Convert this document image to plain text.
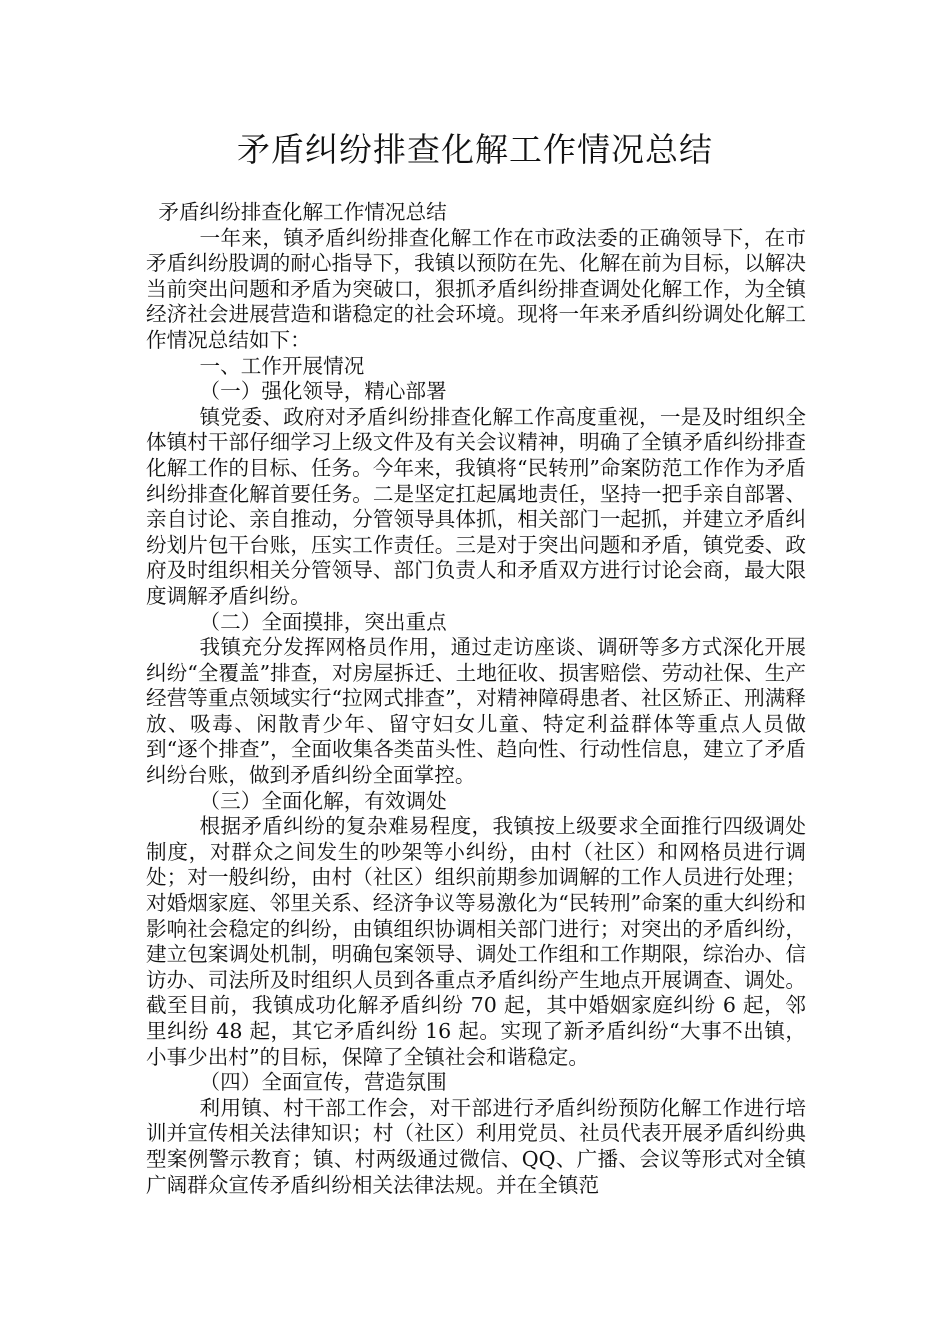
矛盾纠纷排查化解工作情况总结

矛盾纠纷排查化解工作情况总结

一年来，镇矛盾纠纷排查化解工作在市政法委的正确领导下，在市矛盾纠纷股调的耐心指导下，我镇以预防在先、化解在前为目标，以解决当前突出问题和矛盾为突破口，狠抓矛盾纠纷排查调处化解工作，为全镇经济社会进展营造和谐稳定的社会环境。现将一年来矛盾纠纷调处化解工作情况总结如下：

一、工作开展情况

（一）强化领导，精心部署

镇党委、政府对矛盾纠纷排查化解工作高度重视，一是及时组织全体镇村干部仔细学习上级文件及有关会议精神，明确了全镇矛盾纠纷排查化解工作的目标、任务。今年来，我镇将“民转刑”命案防范工作作为矛盾纠纷排查化解首要任务。二是坚定扛起属地责任，坚持一把手亲自部署、亲自讨论、亲自推动，分管领导具体抓，相关部门一起抓，并建立矛盾纠纷划片包干台账，压实工作责任。三是对于突出问题和矛盾，镇党委、政府及时组织相关分管领导、部门负责人和矛盾双方进行讨论会商，最大限度调解矛盾纠纷。

（二）全面摸排，突出重点

我镇充分发挥网格员作用，通过走访座谈、调研等多方式深化开展纠纷“全覆盖”排查，对房屋拆迁、土地征收、损害赔偿、劳动社保、生产经营等重点领域实行“拉网式排查”，对精神障碍患者、社区矫正、刑满释放、吸毒、闲散青少年、留守妇女儿童、特定利益群体等重点人员做到“逐个排查”，全面收集各类苗头性、趋向性、行动性信息，建立了矛盾纠纷台账，做到矛盾纠纷全面掌控。

（三）全面化解，有效调处

根据矛盾纠纷的复杂难易程度，我镇按上级要求全面推行四级调处制度，对群众之间发生的吵架等小纠纷，由村（社区）和网格员进行调处；对一般纠纷，由村（社区）组织前期参加调解的工作人员进行处理；对婚烟家庭、邻里关系、经济争议等易激化为“民转刑”命案的重大纠纷和影响社会稳定的纠纷，由镇组织协调相关部门进行；对突出的矛盾纠纷，建立包案调处机制，明确包案领导、调处工作组和工作期限，综治办、信访办、司法所及时组织人员到各重点矛盾纠纷产生地点开展调查、调处。截至目前，我镇成功化解矛盾纠纷 70 起，其中婚姻家庭纠纷 6 起，邻里纠纷 48 起，其它矛盾纠纷 16 起。实现了新矛盾纠纷“大事不出镇，小事少出村”的目标，保障了全镇社会和谐稳定。

（四）全面宣传，营造氛围

利用镇、村干部工作会，对干部进行矛盾纠纷预防化解工作进行培训并宣传相关法律知识；村（社区）利用党员、社员代表开展矛盾纠纷典型案例警示教育；镇、村两级通过微信、QQ、广播、会议等形式对全镇广阔群众宣传矛盾纠纷相关法律法规。并在全镇范
